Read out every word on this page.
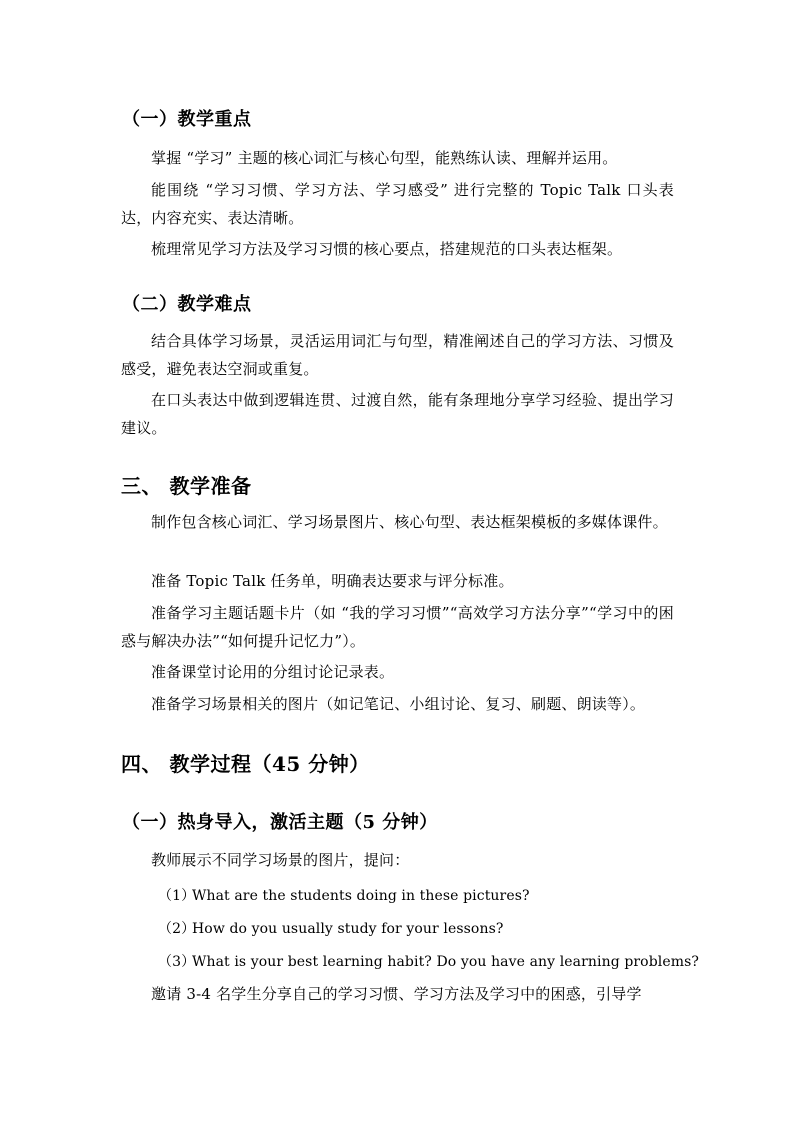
（一）教学重点
掌握 “学习” 主题的核心词汇与核心句型，能熟练认读、理解并运用。
能围绕 “学习习惯、学习方法、学习感受” 进行完整的 Topic Talk 口头表达，内容充实、表达清晰。
梳理常见学习方法及学习习惯的核心要点，搭建规范的口头表达框架。
（二）教学难点
结合具体学习场景，灵活运用词汇与句型，精准阐述自己的学习方法、习惯及感受，避免表达空洞或重复。
在口头表达中做到逻辑连贯、过渡自然，能有条理地分享学习经验、提出学习建议。
三、 教学准备
制作包含核心词汇、学习场景图片、核心句型、表达框架模板的多媒体课件。
准备 Topic Talk 任务单，明确表达要求与评分标准。
准备学习主题话题卡片（如 “我的学习习惯”“高效学习方法分享”“学习中的困惑与解决办法”“如何提升记忆力”）。
准备课堂讨论用的分组讨论记录表。
准备学习场景相关的图片（如记笔记、小组讨论、复习、刷题、朗读等）。
四、 教学过程（45 分钟）
（一）热身导入，激活主题（5 分钟）
教师展示不同学习场景的图片，提问：
（1）What are the students doing in these pictures?
（2）How do you usually study for your lessons?
（3）What is your best learning habit? Do you have any learning problems?
邀请 3-4 名学生分享自己的学习习惯、学习方法及学习中的困惑，引导学
